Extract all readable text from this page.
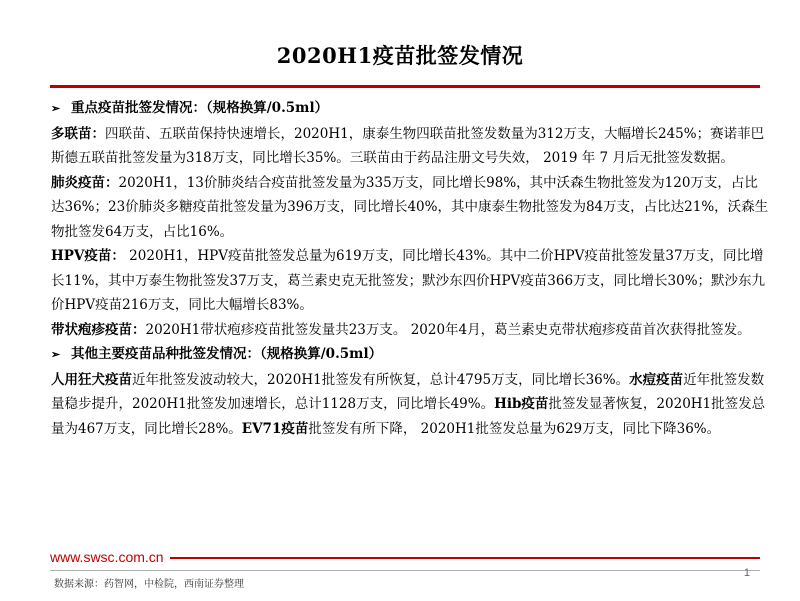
2020H1疫苗批签发情况

➢ 重点疫苗批签发情况：（规格换算/0.5ml）

多联苗：四联苗、五联苗保持快速增长，2020H1，康泰生物四联苗批签发数量为312万支，大幅增长245%；赛诺菲巴斯德五联苗批签发量为318万支，同比增长35%。三联苗由于药品注册文号失效， 2019 年 7 月后无批签发数据。

肺炎疫苗：2020H1，13价肺炎结合疫苗批签发量为335万支，同比增长98%，其中沃森生物批签发为120万支，占比达36%；23价肺炎多糖疫苗批签发量为396万支，同比增长40%，其中康泰生物批签发为84万支，占比达21%，沃森生物批签发64万支，占比16%。

HPV疫苗： 2020H1，HPV疫苗批签发总量为619万支，同比增长43%。其中二价HPV疫苗批签发量37万支，同比增长11%，其中万泰生物批签发37万支，葛兰素史克无批签发；默沙东四价HPV疫苗366万支，同比增长30%；默沙东九价HPV疫苗216万支，同比大幅增长83%。

带状疱疹疫苗：2020H1带状疱疹疫苗批签发量共23万支。 2020年4月，葛兰素史克带状疱疹疫苗首次获得批签发。

➢ 其他主要疫苗品种批签发情况：（规格换算/0.5ml）

人用狂犬疫苗近年批签发波动较大，2020H1批签发有所恢复，总计4795万支，同比增长36%。水痘疫苗近年批签发数量稳步提升，2020H1批签发加速增长，总计1128万支，同比增长49%。Hib疫苗批签发显著恢复，2020H1批签发总量为467万支，同比增长28%。EV71疫苗批签发有所下降， 2020H1批签发总量为629万支，同比下降36%。

www.swsc.com.cn
数据来源：药智网，中检院，西南证券整理
1
